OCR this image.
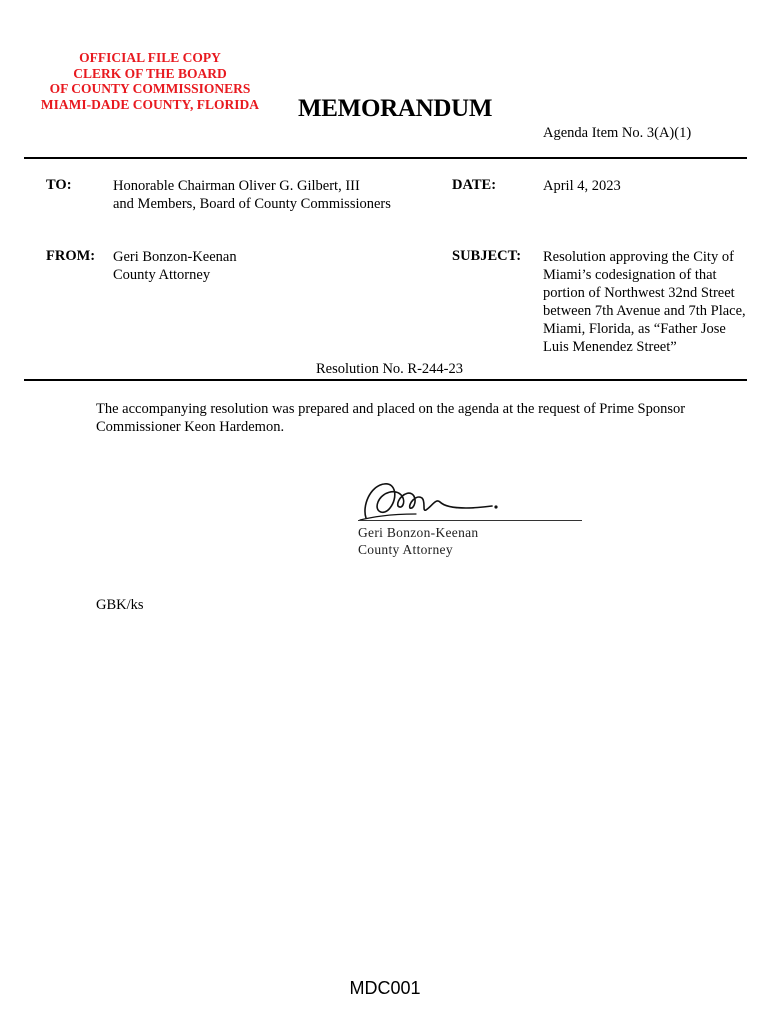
OFFICIAL FILE COPY
CLERK OF THE BOARD
OF COUNTY COMMISSIONERS
MIAMI-DADE COUNTY, FLORIDA	MEMORANDUM
Agenda Item No. 3(A)(1)
TO:	Honorable Chairman Oliver G. Gilbert, III
and Members, Board of County Commissioners
DATE:	April 4, 2023
FROM: Geri Bonzon-Keenan
County Attorney
SUBJECT: Resolution approving the City of Miami’s codesignation of that portion of Northwest 32nd Street between 7th Avenue and 7th Place, Miami, Florida, as “Father Jose Luis Menendez Street”
Resolution No. R-244-23
The accompanying resolution was prepared and placed on the agenda at the request of Prime Sponsor Commissioner Keon Hardemon.
Geri Bonzon-Keenan
County Attorney
GBK/ks
MDC001
